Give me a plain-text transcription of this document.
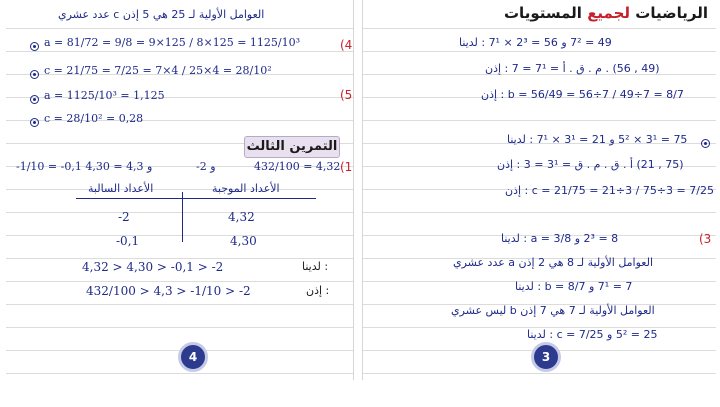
العوامل الأولية لـ 25 هي 5 إذن c عدد عشري
(4
a = 81/72 = 9/8 = 9×125 / 8×125 = 1125/10³
c = 21/75 = 7/25 = 7×4 / 25×4 = 28/10²
(5
a = 1125/10³ = 1,125
c = 28/10² = 0,28
التمرين الثالث
(1
-1/10 = -0,1 و 4,3 = 4,30	-2 و	432/100 = 4,32
الأعداد السالبة	الأعداد الموجبة
-2	4,32
-0,1	4,30
4,32 > 4,30 > -0,1 > -2	: لدينا
432/100 > 4,3 > -1/10 > -2	: إذن
4
الرياضيات لجميع المستويات
49 = 7² و 56 = 2³ × 7¹ : لدينا
(49 , 56) . م . ق . أ = 7¹ = 7 : إذن
b = 56/49 = 56÷7 / 49÷7 = 8/7 : إذن
75 = 3¹ × 5² و 21 = 3¹ × 7¹ : لدينا
(75 , 21) أ . ق . م . ق = 3¹ = 3 : إذن
c = 21/75 = 21÷3 / 75÷3 = 7/25 : إذن
(3
8 = 2³ و a = 3/8 : لدينا
العوامل الأولية لـ 8 هي 2 إذن a عدد عشري
7 = 7¹ و b = 8/7 : لدينا
العوامل الأولية لـ 7 هي 7 إذن b ليس عشري
25 = 5² و c = 7/25 : لدينا
3
